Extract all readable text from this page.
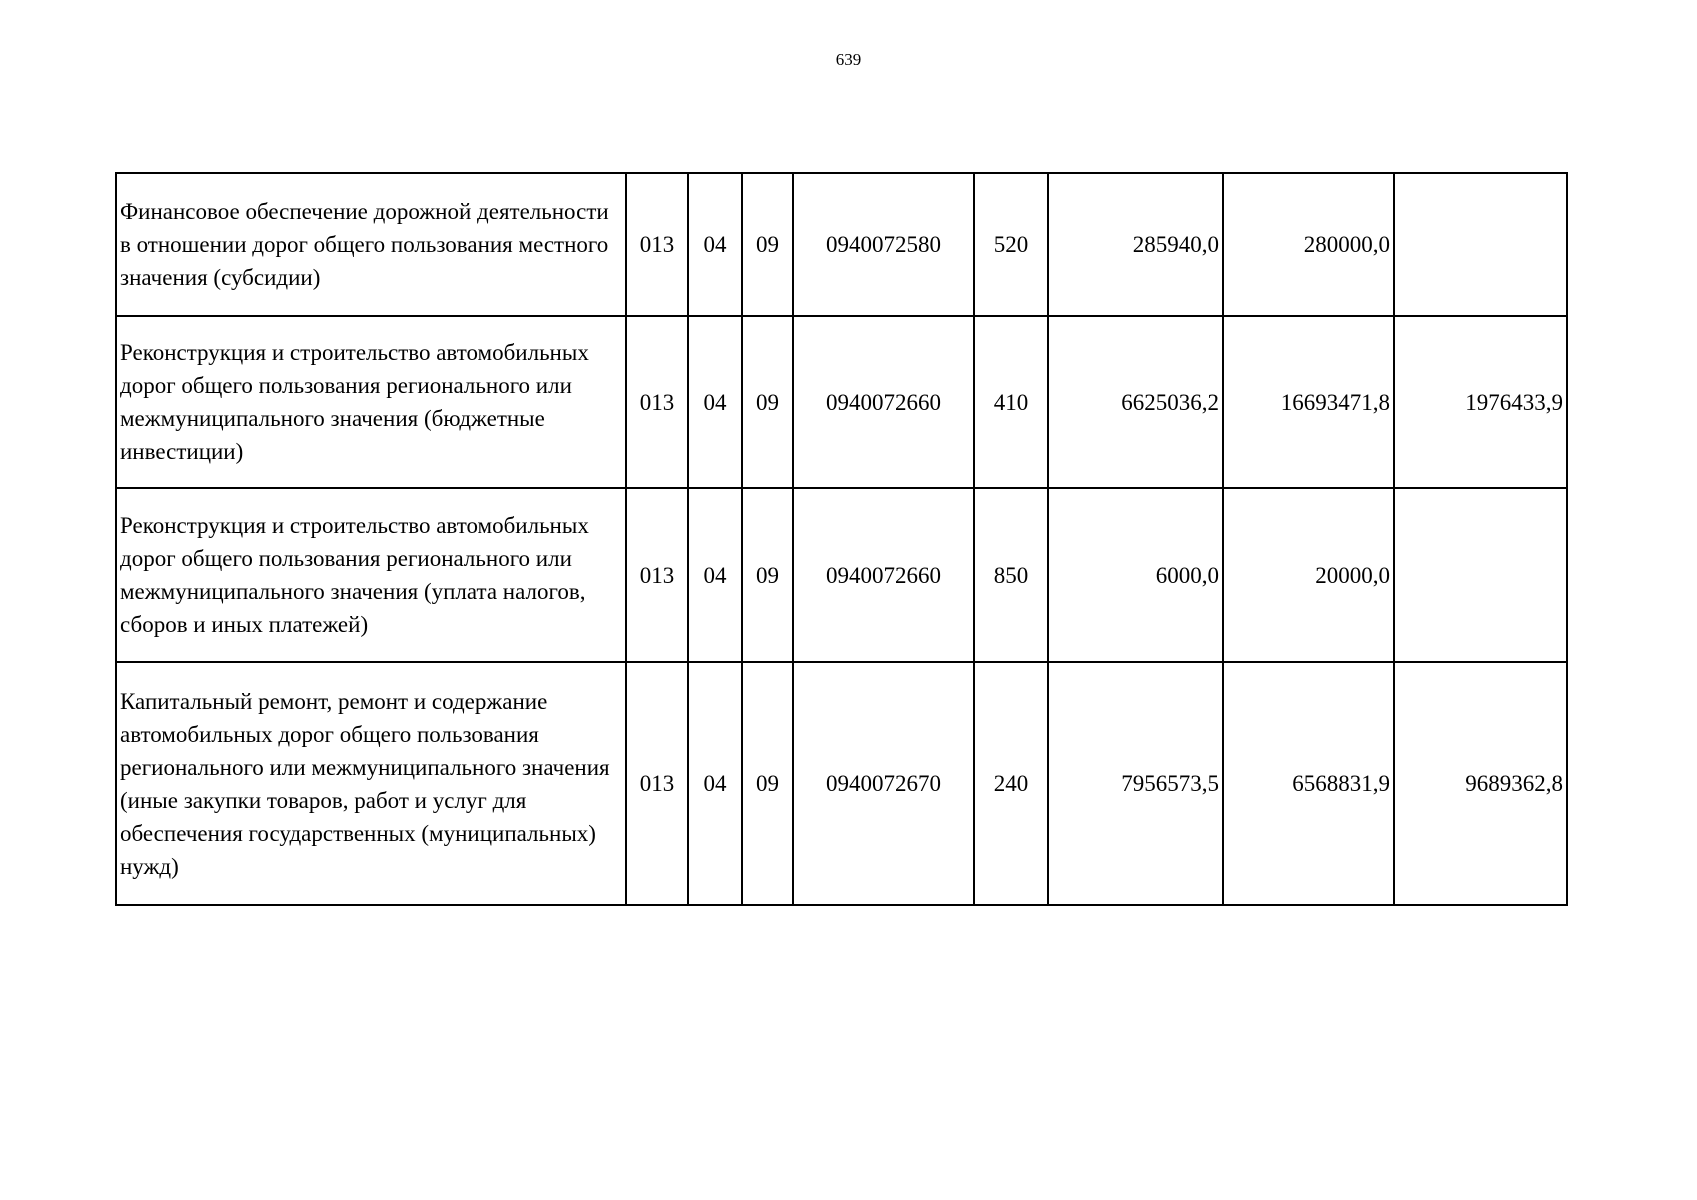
639
Финансовое обеспечение дорожной деятельности в отношении дорог общего пользования местного значения (субсидии)	013	04	09	0940072580	520	285940,0	280000,0	
Реконструкция и строительство автомобильных дорог общего пользования регионального или межмуниципального значения (бюджетные инвестиции)	013	04	09	0940072660	410	6625036,2	16693471,8	1976433,9
Реконструкция и строительство автомобильных дорог общего пользования регионального или межмуниципального значения (уплата налогов, сборов и иных платежей)	013	04	09	0940072660	850	6000,0	20000,0	
Капитальный ремонт, ремонт и содержание автомобильных дорог общего пользования регионального или межмуниципального значения (иные закупки товаров, работ и услуг для обеспечения государственных (муниципальных) нужд)	013	04	09	0940072670	240	7956573,5	6568831,9	9689362,8
